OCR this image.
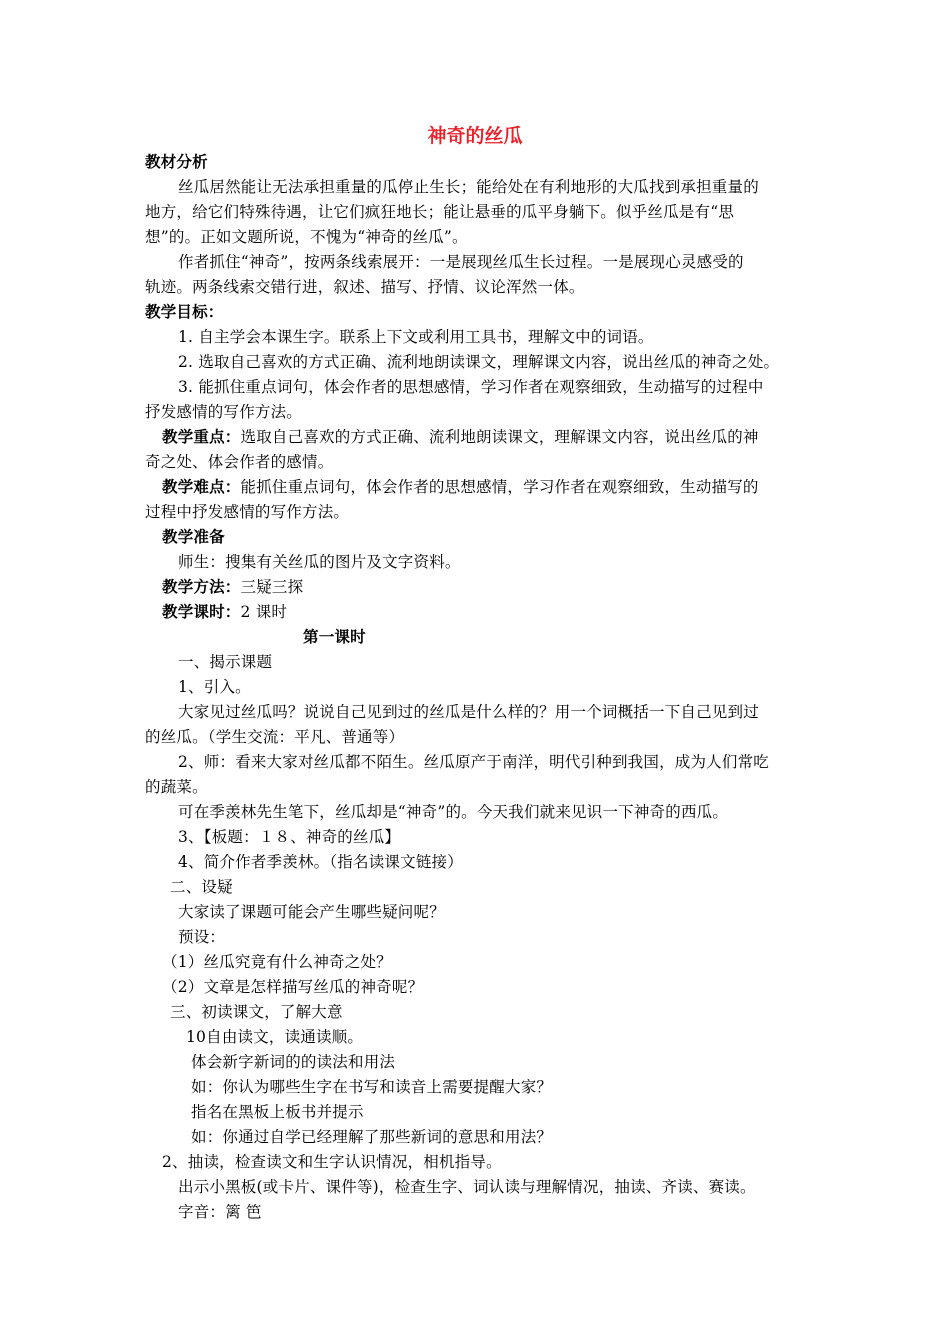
神奇的丝瓜
教材分析
丝瓜居然能让无法承担重量的瓜停止生长；能给处在有利地形的大瓜找到承担重量的
地方，给它们特殊待遇，让它们疯狂地长；能让悬垂的瓜平身躺下。似乎丝瓜是有“思
想”的。正如文题所说，不愧为“神奇的丝瓜”。
作者抓住“神奇”，按两条线索展开：一是展现丝瓜生长过程。一是展现心灵感受的
轨迹。两条线索交错行进，叙述、描写、抒情、议论浑然一体。
教学目标：
1. 自主学会本课生字。联系上下文或利用工具书，理解文中的词语。
2. 选取自己喜欢的方式正确、流利地朗读课文，理解课文内容，说出丝瓜的神奇之处。
3. 能抓住重点词句，体会作者的思想感情，学习作者在观察细致，生动描写的过程中
抒发感情的写作方法。
教学重点：选取自己喜欢的方式正确、流利地朗读课文，理解课文内容，说出丝瓜的神
奇之处、体会作者的感情。
教学难点：能抓住重点词句，体会作者的思想感情，学习作者在观察细致，生动描写的
过程中抒发感情的写作方法。
教学准备
师生：搜集有关丝瓜的图片及文字资料。
教学方法：三疑三探
教学课时：2 课时
第一课时
一、揭示课题
1、引入。
大家见过丝瓜吗？说说自己见到过的丝瓜是什么样的？用一个词概括一下自己见到过
的丝瓜。（学生交流：平凡、普通等）
2、师：看来大家对丝瓜都不陌生。丝瓜原产于南洋，明代引种到我国，成为人们常吃
的蔬菜。
可在季羡林先生笔下，丝瓜却是“神奇”的。今天我们就来见识一下神奇的西瓜。
3、【板题：１８、神奇的丝瓜】
4、简介作者季羡林。（指名读课文链接）
二、设疑
大家读了课题可能会产生哪些疑问呢？
预设：
（1）丝瓜究竟有什么神奇之处？
（2）文章是怎样描写丝瓜的神奇呢？
三、初读课文，了解大意
10自由读文，读通读顺。
体会新字新词的的读法和用法
如：你认为哪些生字在书写和读音上需要提醒大家？
指名在黑板上板书并提示
如：你通过自学已经理解了那些新词的意思和用法？
2、抽读，检查读文和生字认识情况，相机指导。
出示小黑板(或卡片、课件等)，检查生字、词认读与理解情况，抽读、齐读、赛读。
字音：篱 笆
